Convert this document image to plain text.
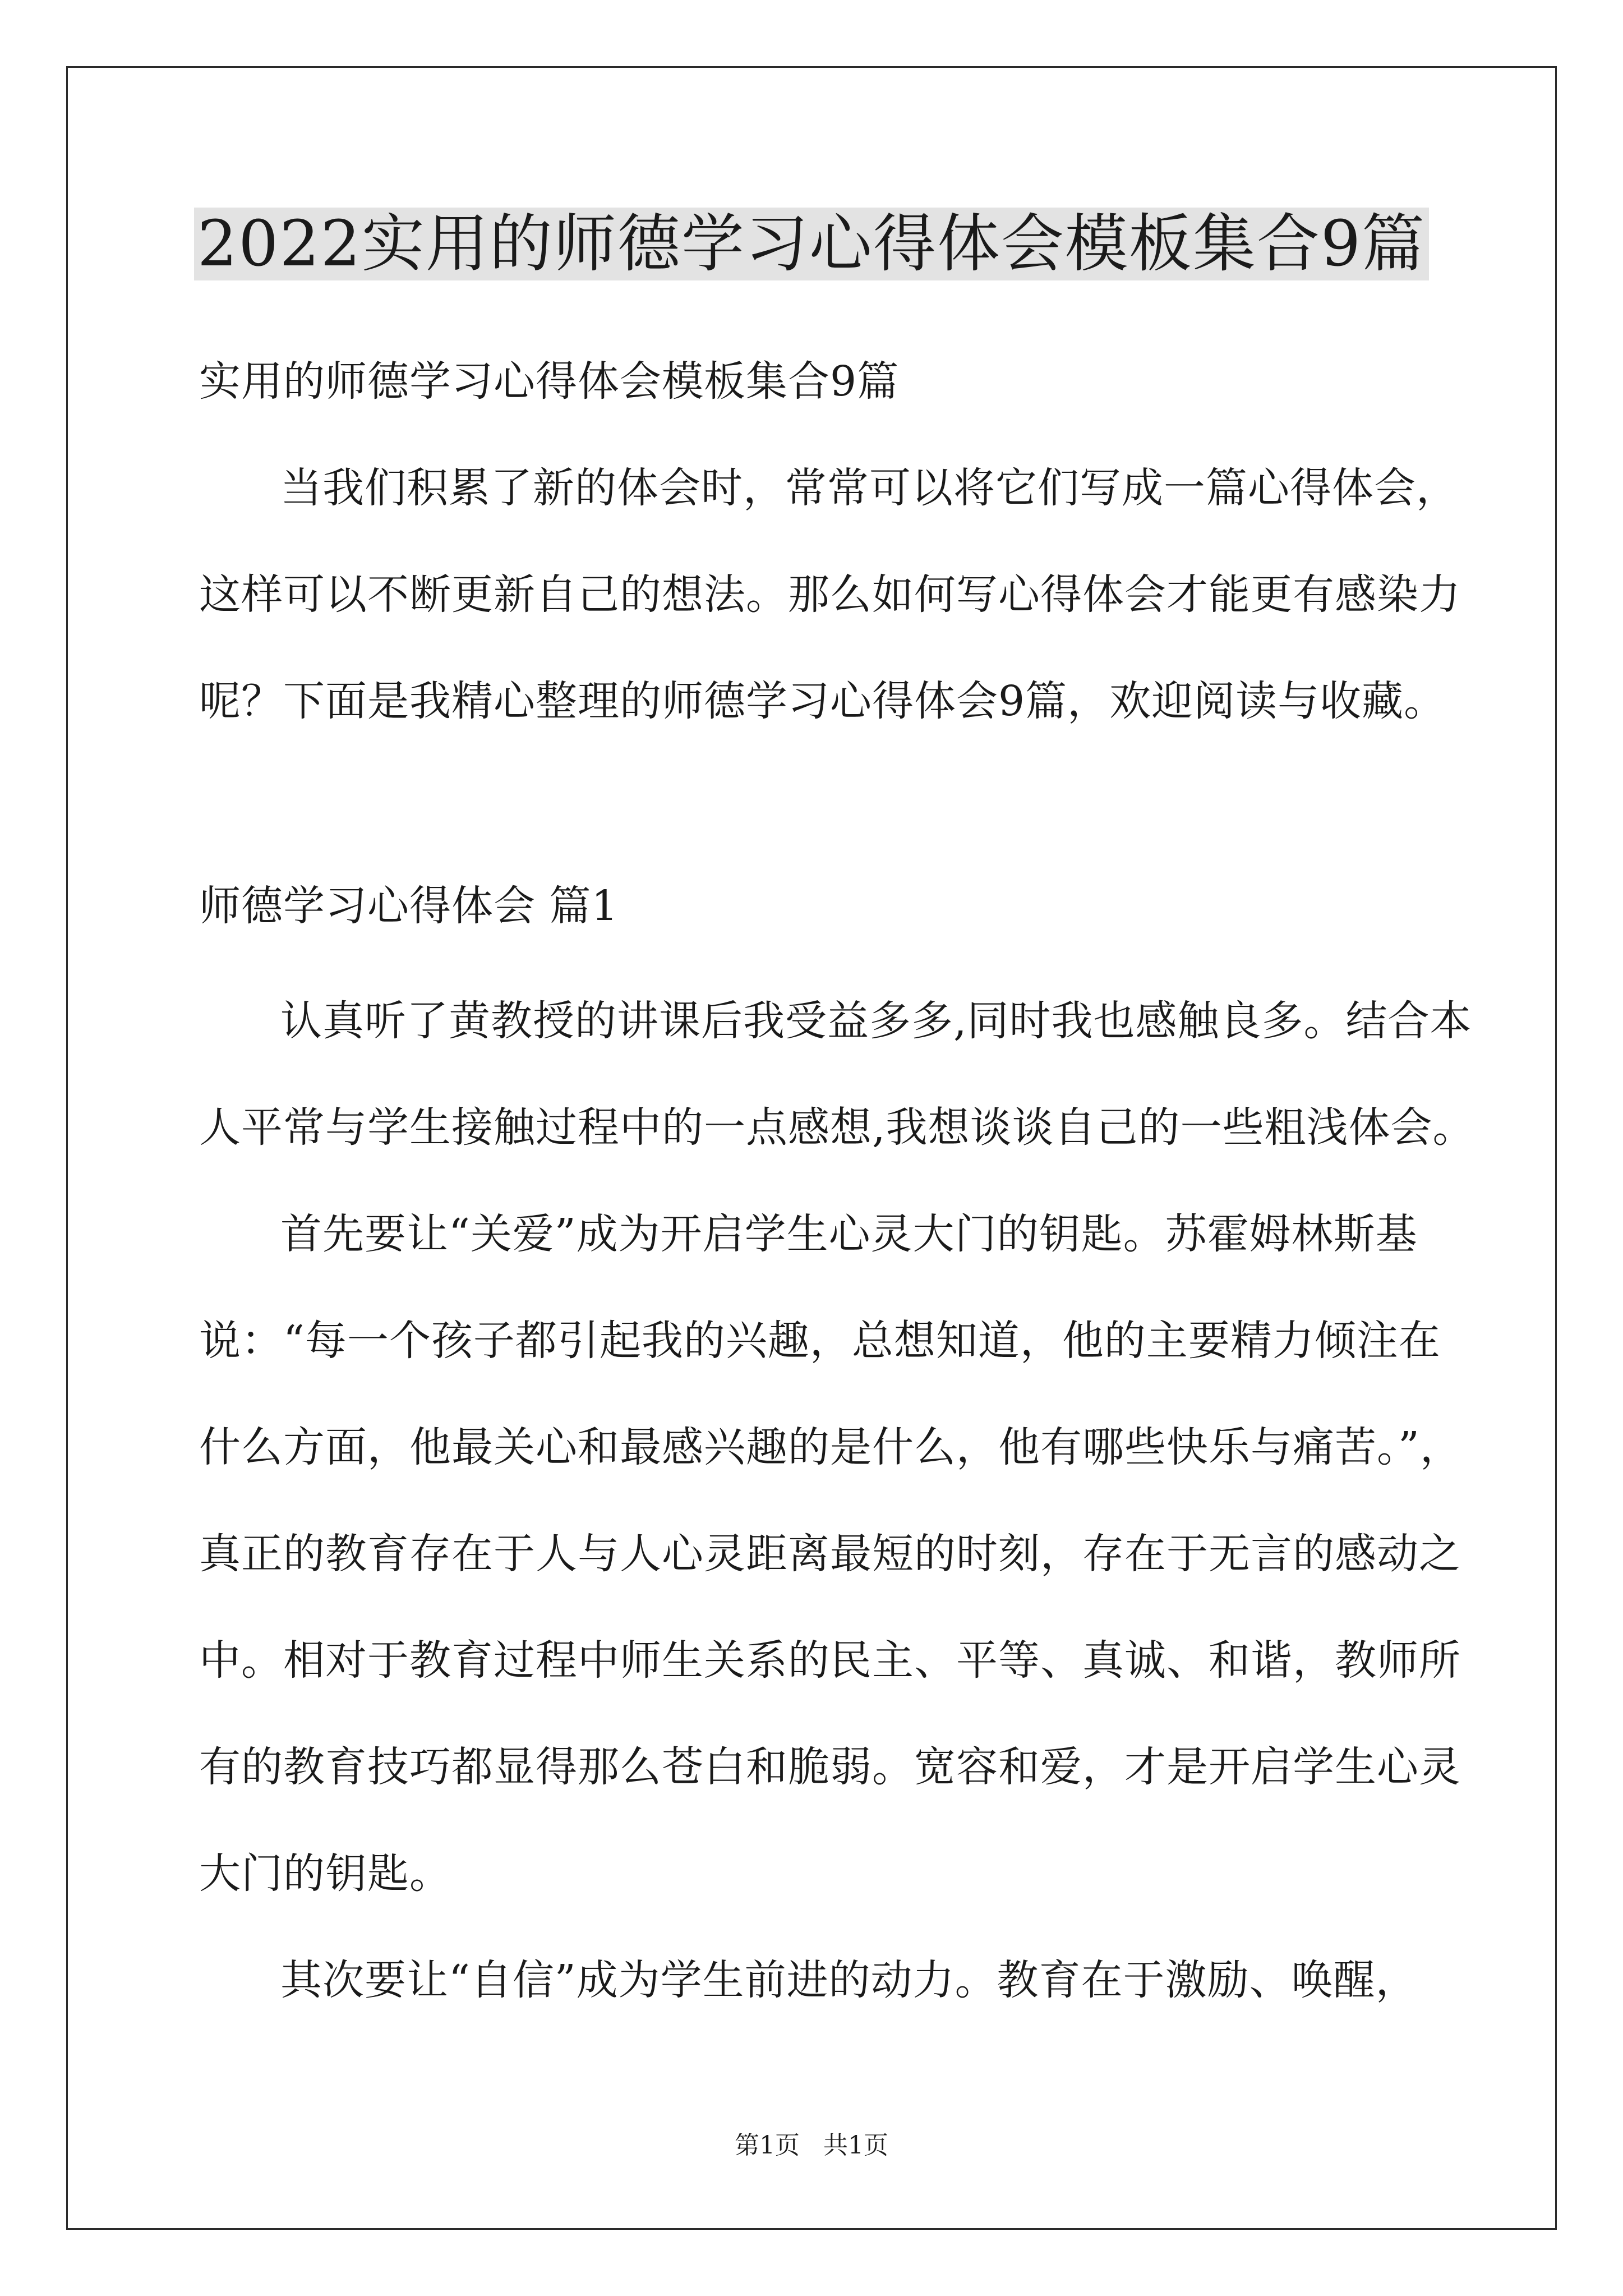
2022实用的师德学习心得体会模板集合9篇
实用的师德学习心得体会模板集合9篇
当我们积累了新的体会时，常常可以将它们写成一篇心得体会，
这样可以不断更新自己的想法。那么如何写心得体会才能更有感染力
呢？下面是我精心整理的师德学习心得体会9篇，欢迎阅读与收藏。
师德学习心得体会 篇1
认真听了黄教授的讲课后我受益多多,同时我也感触良多。结合本
人平常与学生接触过程中的一点感想,我想谈谈自己的一些粗浅体会。
首先要让“关爱”成为开启学生心灵大门的钥匙。苏霍姆林斯基
说：“每一个孩子都引起我的兴趣，总想知道，他的主要精力倾注在
什么方面，他最关心和最感兴趣的是什么，他有哪些快乐与痛苦。”，
真正的教育存在于人与人心灵距离最短的时刻，存在于无言的感动之
中。相对于教育过程中师生关系的民主、平等、真诚、和谐，教师所
有的教育技巧都显得那么苍白和脆弱。宽容和爱，才是开启学生心灵
大门的钥匙。
其次要让“自信”成为学生前进的动力。教育在于激励、唤醒，
第1页 共1页
